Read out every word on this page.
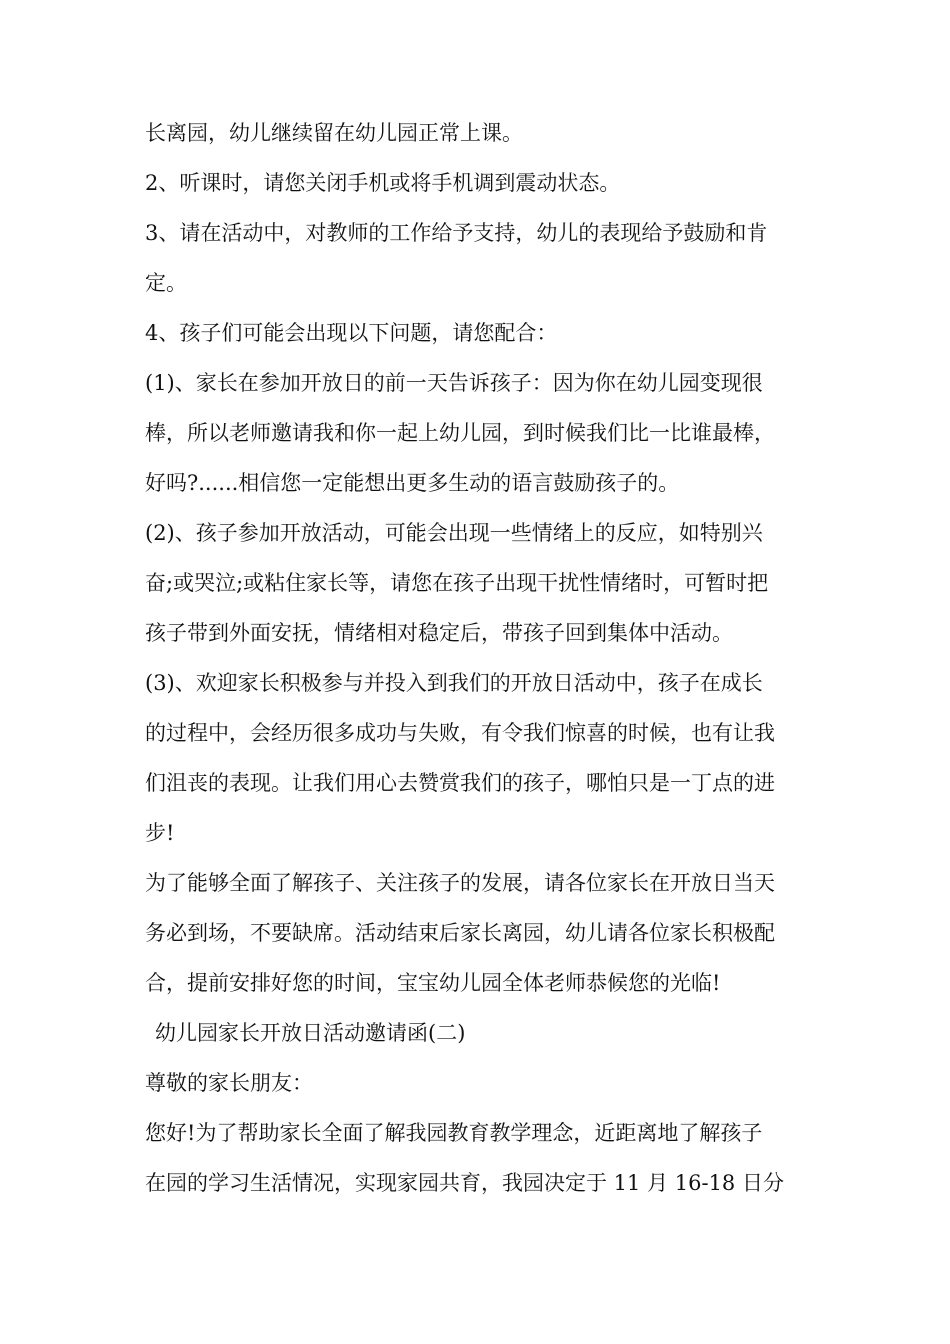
长离园，幼儿继续留在幼儿园正常上课。
2、听课时，请您关闭手机或将手机调到震动状态。
3、请在活动中，对教师的工作给予支持，幼儿的表现给予鼓励和肯
定。
4、孩子们可能会出现以下问题，请您配合：
(1)、家长在参加开放日的前一天告诉孩子：因为你在幼儿园变现很
棒，所以老师邀请我和你一起上幼儿园，到时候我们比一比谁最棒，
好吗?......相信您一定能想出更多生动的语言鼓励孩子的。
(2)、孩子参加开放活动，可能会出现一些情绪上的反应，如特别兴
奋;或哭泣;或粘住家长等，请您在孩子出现干扰性情绪时，可暂时把
孩子带到外面安抚，情绪相对稳定后，带孩子回到集体中活动。
(3)、欢迎家长积极参与并投入到我们的开放日活动中，孩子在成长
的过程中，会经历很多成功与失败，有令我们惊喜的时候，也有让我
们沮丧的表现。让我们用心去赞赏我们的孩子，哪怕只是一丁点的进
步!
为了能够全面了解孩子、关注孩子的发展，请各位家长在开放日当天
务必到场，不要缺席。活动结束后家长离园，幼儿请各位家长积极配
合，提前安排好您的时间，宝宝幼儿园全体老师恭候您的光临!
幼儿园家长开放日活动邀请函(二)
尊敬的家长朋友：
您好!为了帮助家长全面了解我园教育教学理念，近距离地了解孩子
在园的学习生活情况，实现家园共育，我园决定于 11 月 16-18 日分
